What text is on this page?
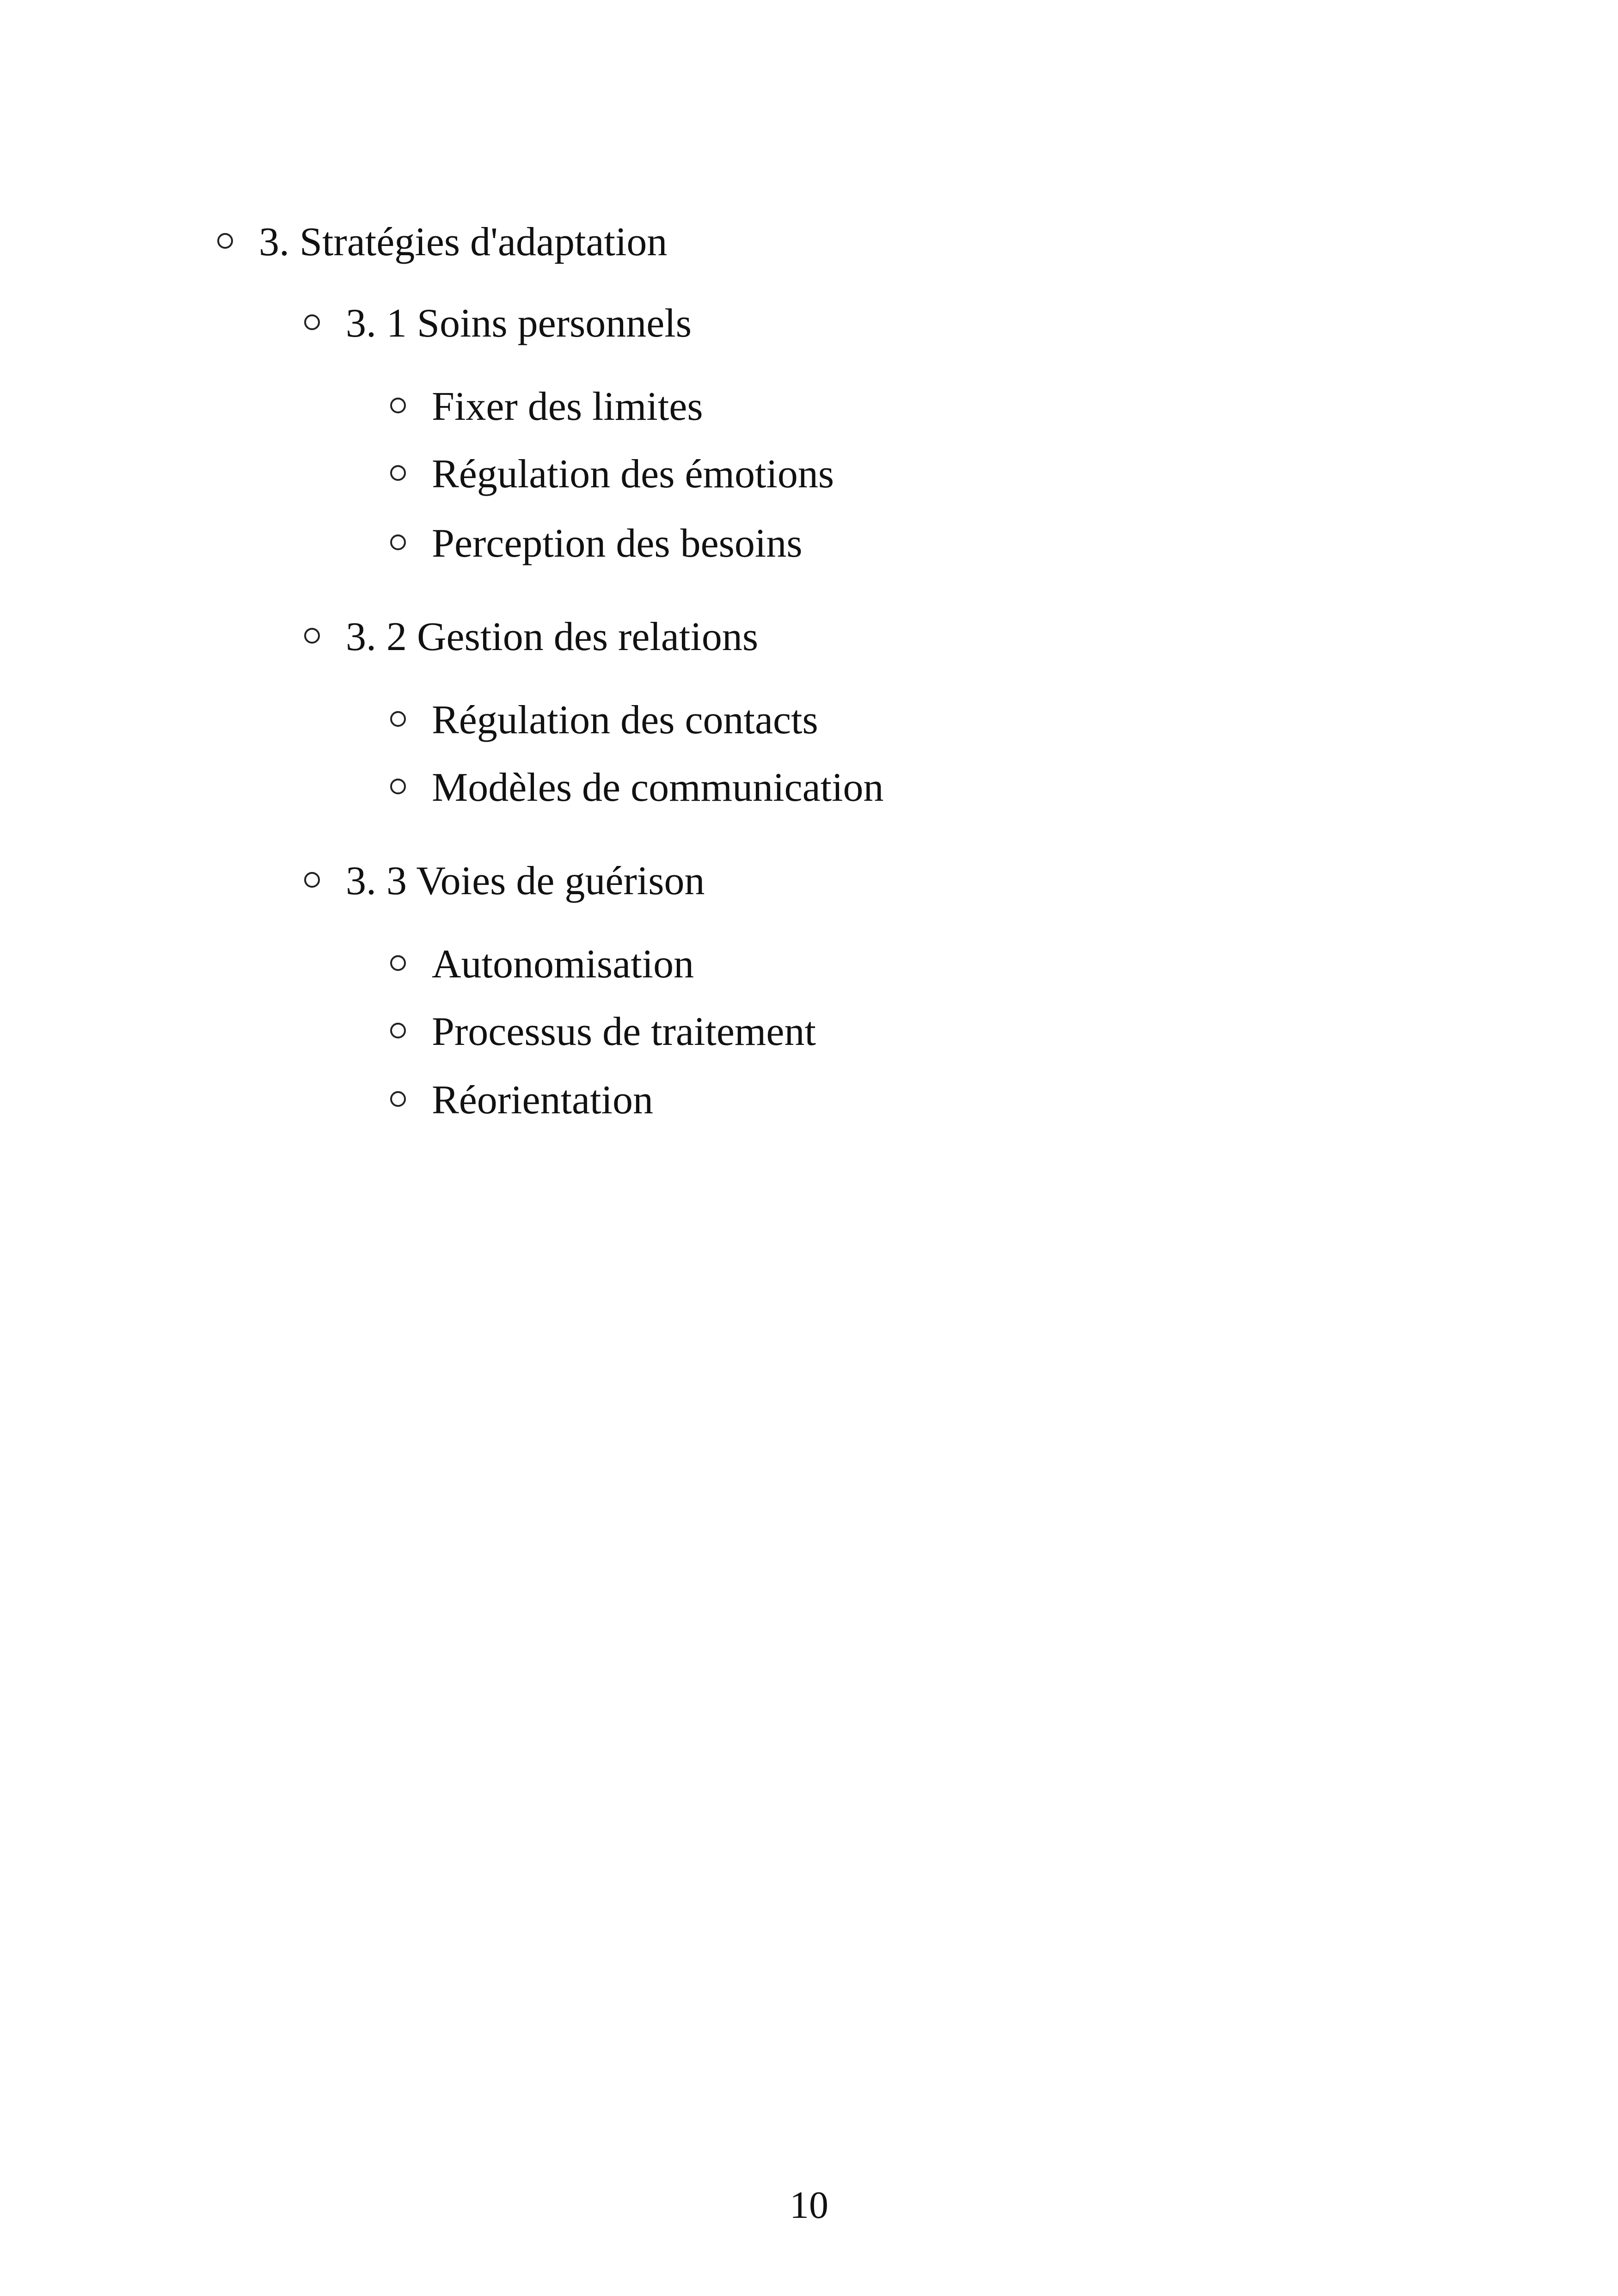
3. Stratégies d'adaptation
3. 1 Soins personnels
Fixer des limites
Régulation des émotions
Perception des besoins
3. 2 Gestion des relations
Régulation des contacts
Modèles de communication
3. 3 Voies de guérison
Autonomisation
Processus de traitement
Réorientation
10
